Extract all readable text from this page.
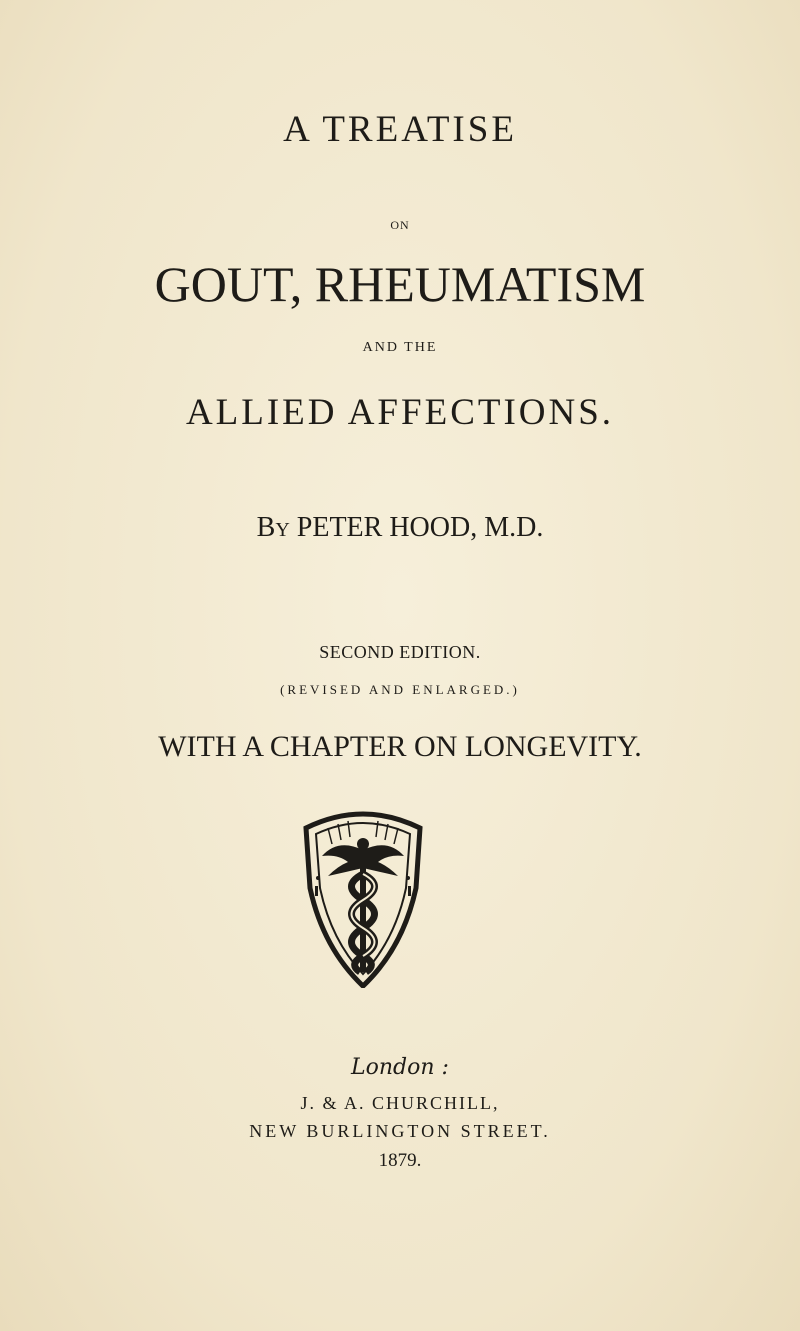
A TREATISE
ON
GOUT, RHEUMATISM
AND THE
ALLIED AFFECTIONS.
By PETER HOOD, M.D.
SECOND EDITION.
(REVISED AND ENLARGED.)
WITH A CHAPTER ON LONGEVITY.
London :
J. & A. CHURCHILL,
NEW BURLINGTON STREET.
1879.
